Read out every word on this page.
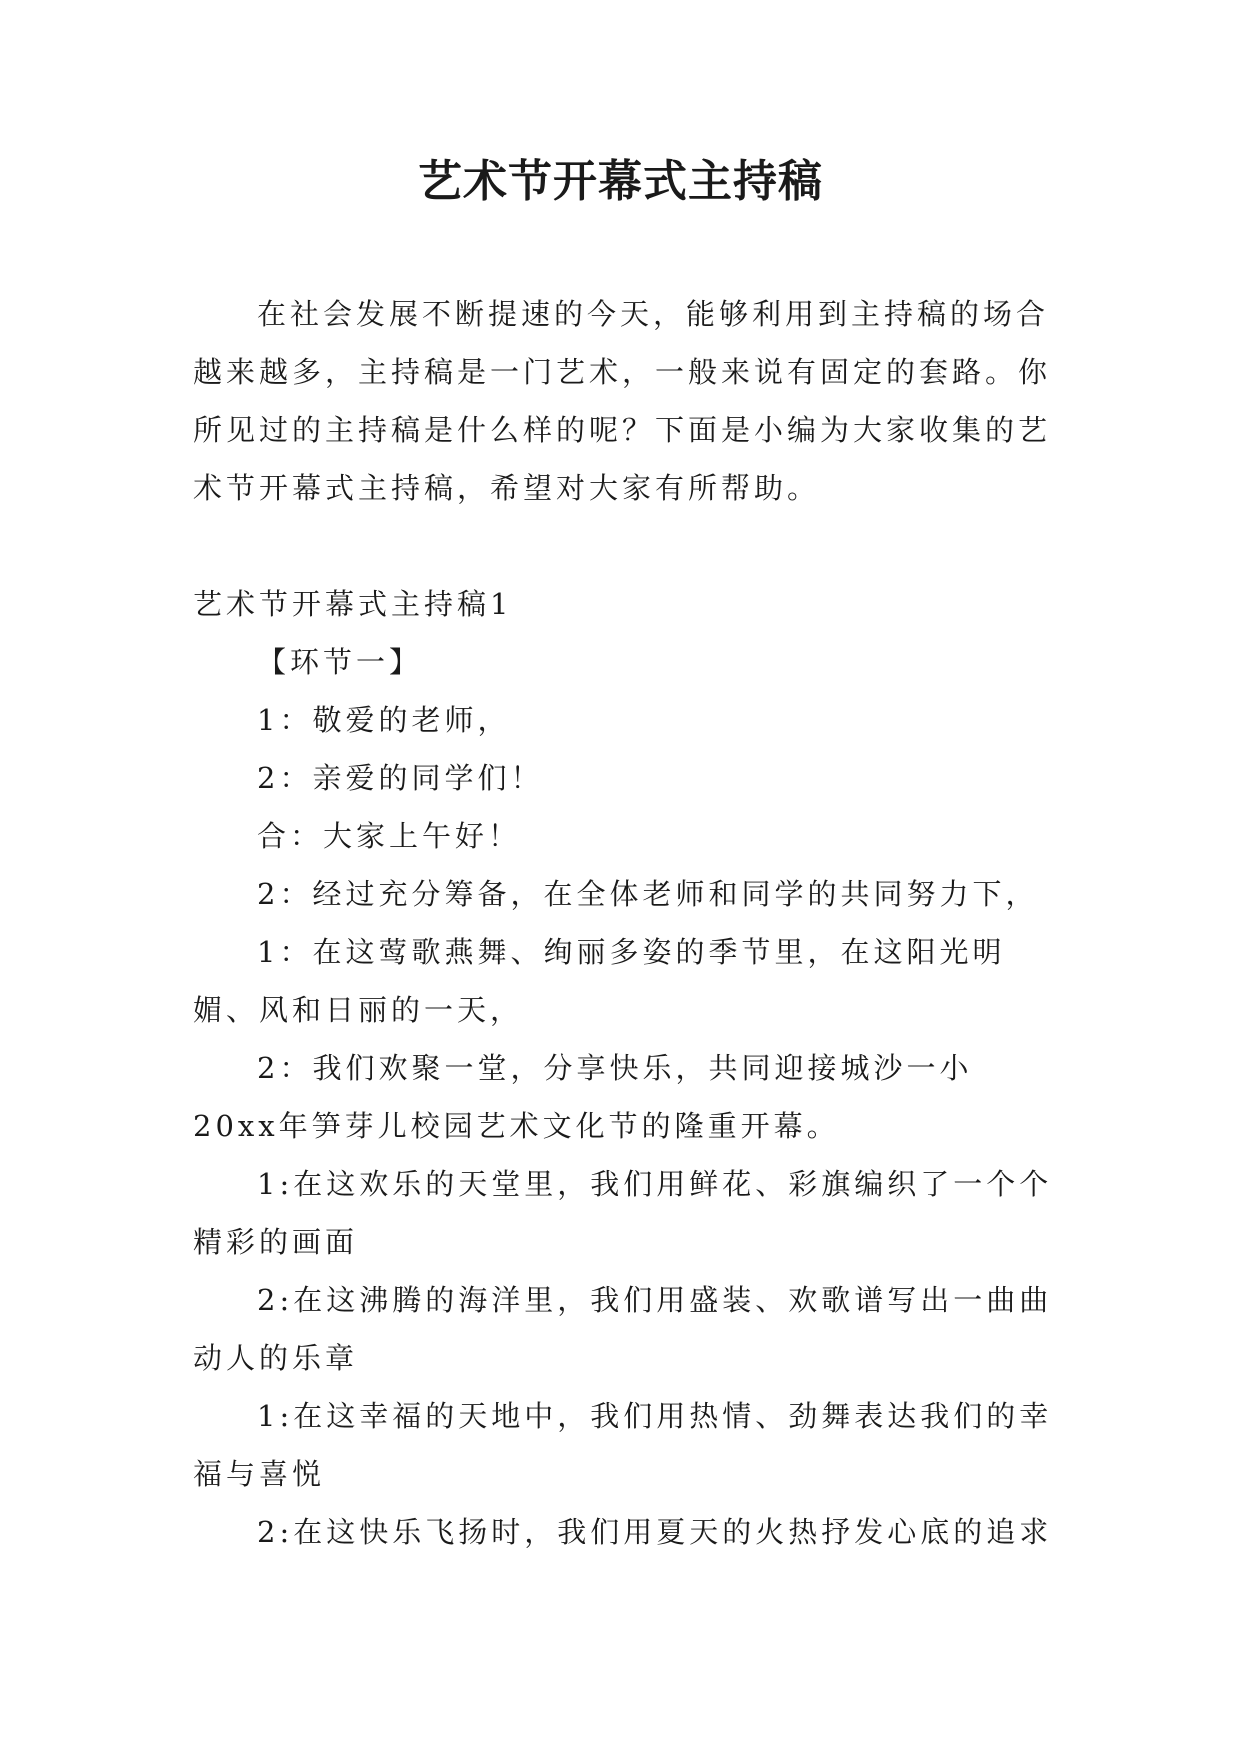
艺术节开幕式主持稿

在社会发展不断提速的今天，能够利用到主持稿的场合越来越多，主持稿是一门艺术，一般来说有固定的套路。你所见过的主持稿是什么样的呢？下面是小编为大家收集的艺术节开幕式主持稿，希望对大家有所帮助。

艺术节开幕式主持稿1

【环节一】

1：敬爱的老师，

2：亲爱的同学们！

合：大家上午好！

2：经过充分筹备，在全体老师和同学的共同努力下，

1：在这莺歌燕舞、绚丽多姿的季节里，在这阳光明媚、风和日丽的一天，

2：我们欢聚一堂，分享快乐，共同迎接城沙一小20xx年笋芽儿校园艺术文化节的隆重开幕。

1:在这欢乐的天堂里，我们用鲜花、彩旗编织了一个个精彩的画面

2:在这沸腾的海洋里，我们用盛装、欢歌谱写出一曲曲动人的乐章

1:在这幸福的天地中，我们用热情、劲舞表达我们的幸福与喜悦

2:在这快乐飞扬时，我们用夏天的火热抒发心底的追求
